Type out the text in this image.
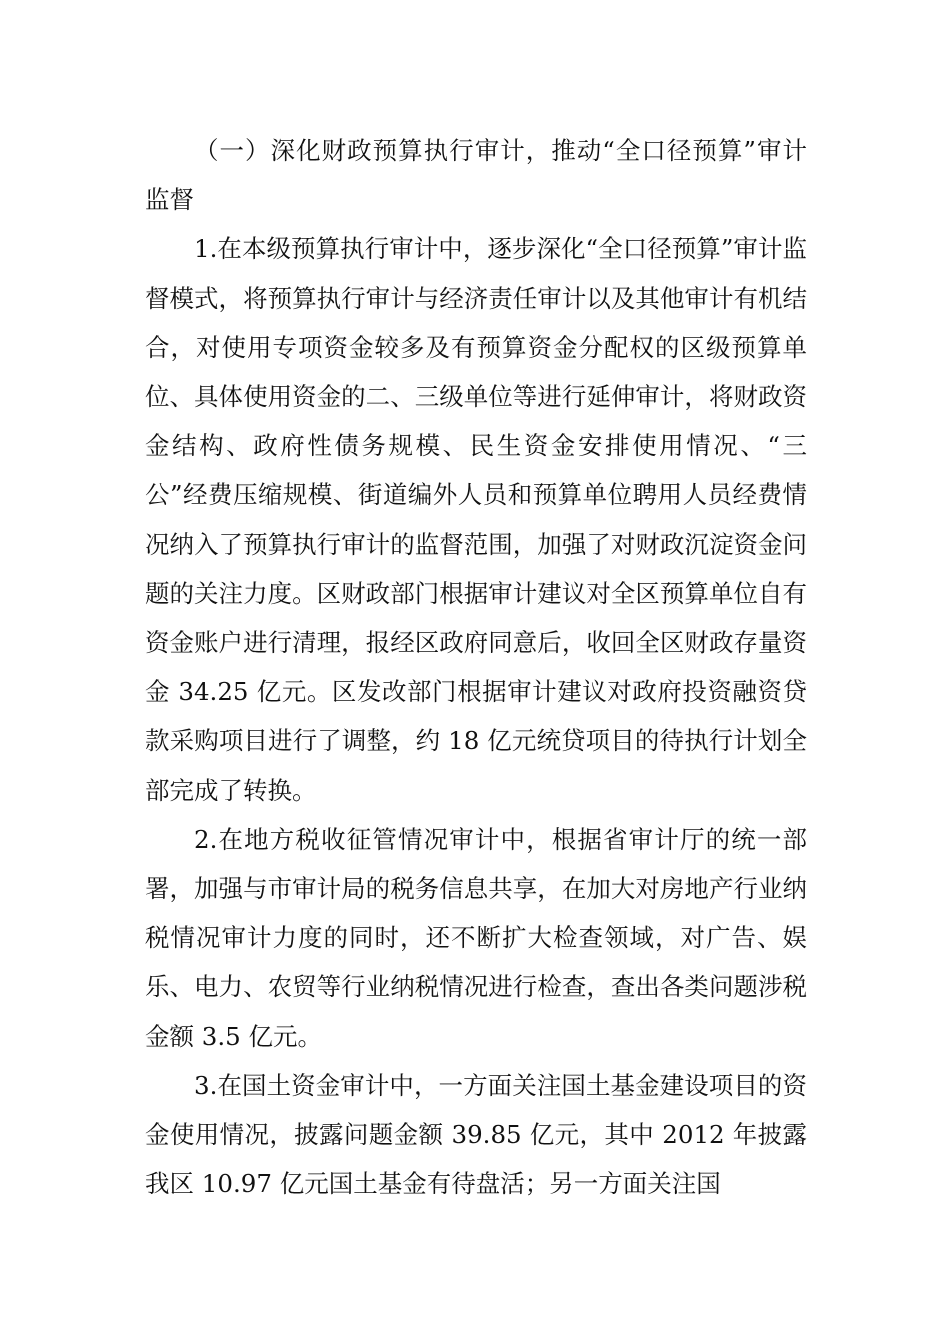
（一）深化财政预算执行审计，推动“全口径预算”审计监督

1.在本级预算执行审计中，逐步深化“全口径预算”审计监督模式，将预算执行审计与经济责任审计以及其他审计有机结合，对使用专项资金较多及有预算资金分配权的区级预算单位、具体使用资金的二、三级单位等进行延伸审计，将财政资金结构、政府性债务规模、民生资金安排使用情况、“三公”经费压缩规模、街道编外人员和预算单位聘用人员经费情况纳入了预算执行审计的监督范围，加强了对财政沉淀资金问题的关注力度。区财政部门根据审计建议对全区预算单位自有资金账户进行清理，报经区政府同意后，收回全区财政存量资金 34.25 亿元。区发改部门根据审计建议对政府投资融资贷款采购项目进行了调整，约 18 亿元统贷项目的待执行计划全部完成了转换。

2.在地方税收征管情况审计中，根据省审计厅的统一部署，加强与市审计局的税务信息共享，在加大对房地产行业纳税情况审计力度的同时，还不断扩大检查领域，对广告、娱乐、电力、农贸等行业纳税情况进行检查，查出各类问题涉税金额 3.5 亿元。

3.在国土资金审计中，一方面关注国土基金建设项目的资金使用情况，披露问题金额 39.85 亿元，其中 2012 年披露我区 10.97 亿元国土基金有待盘活；另一方面关注国
